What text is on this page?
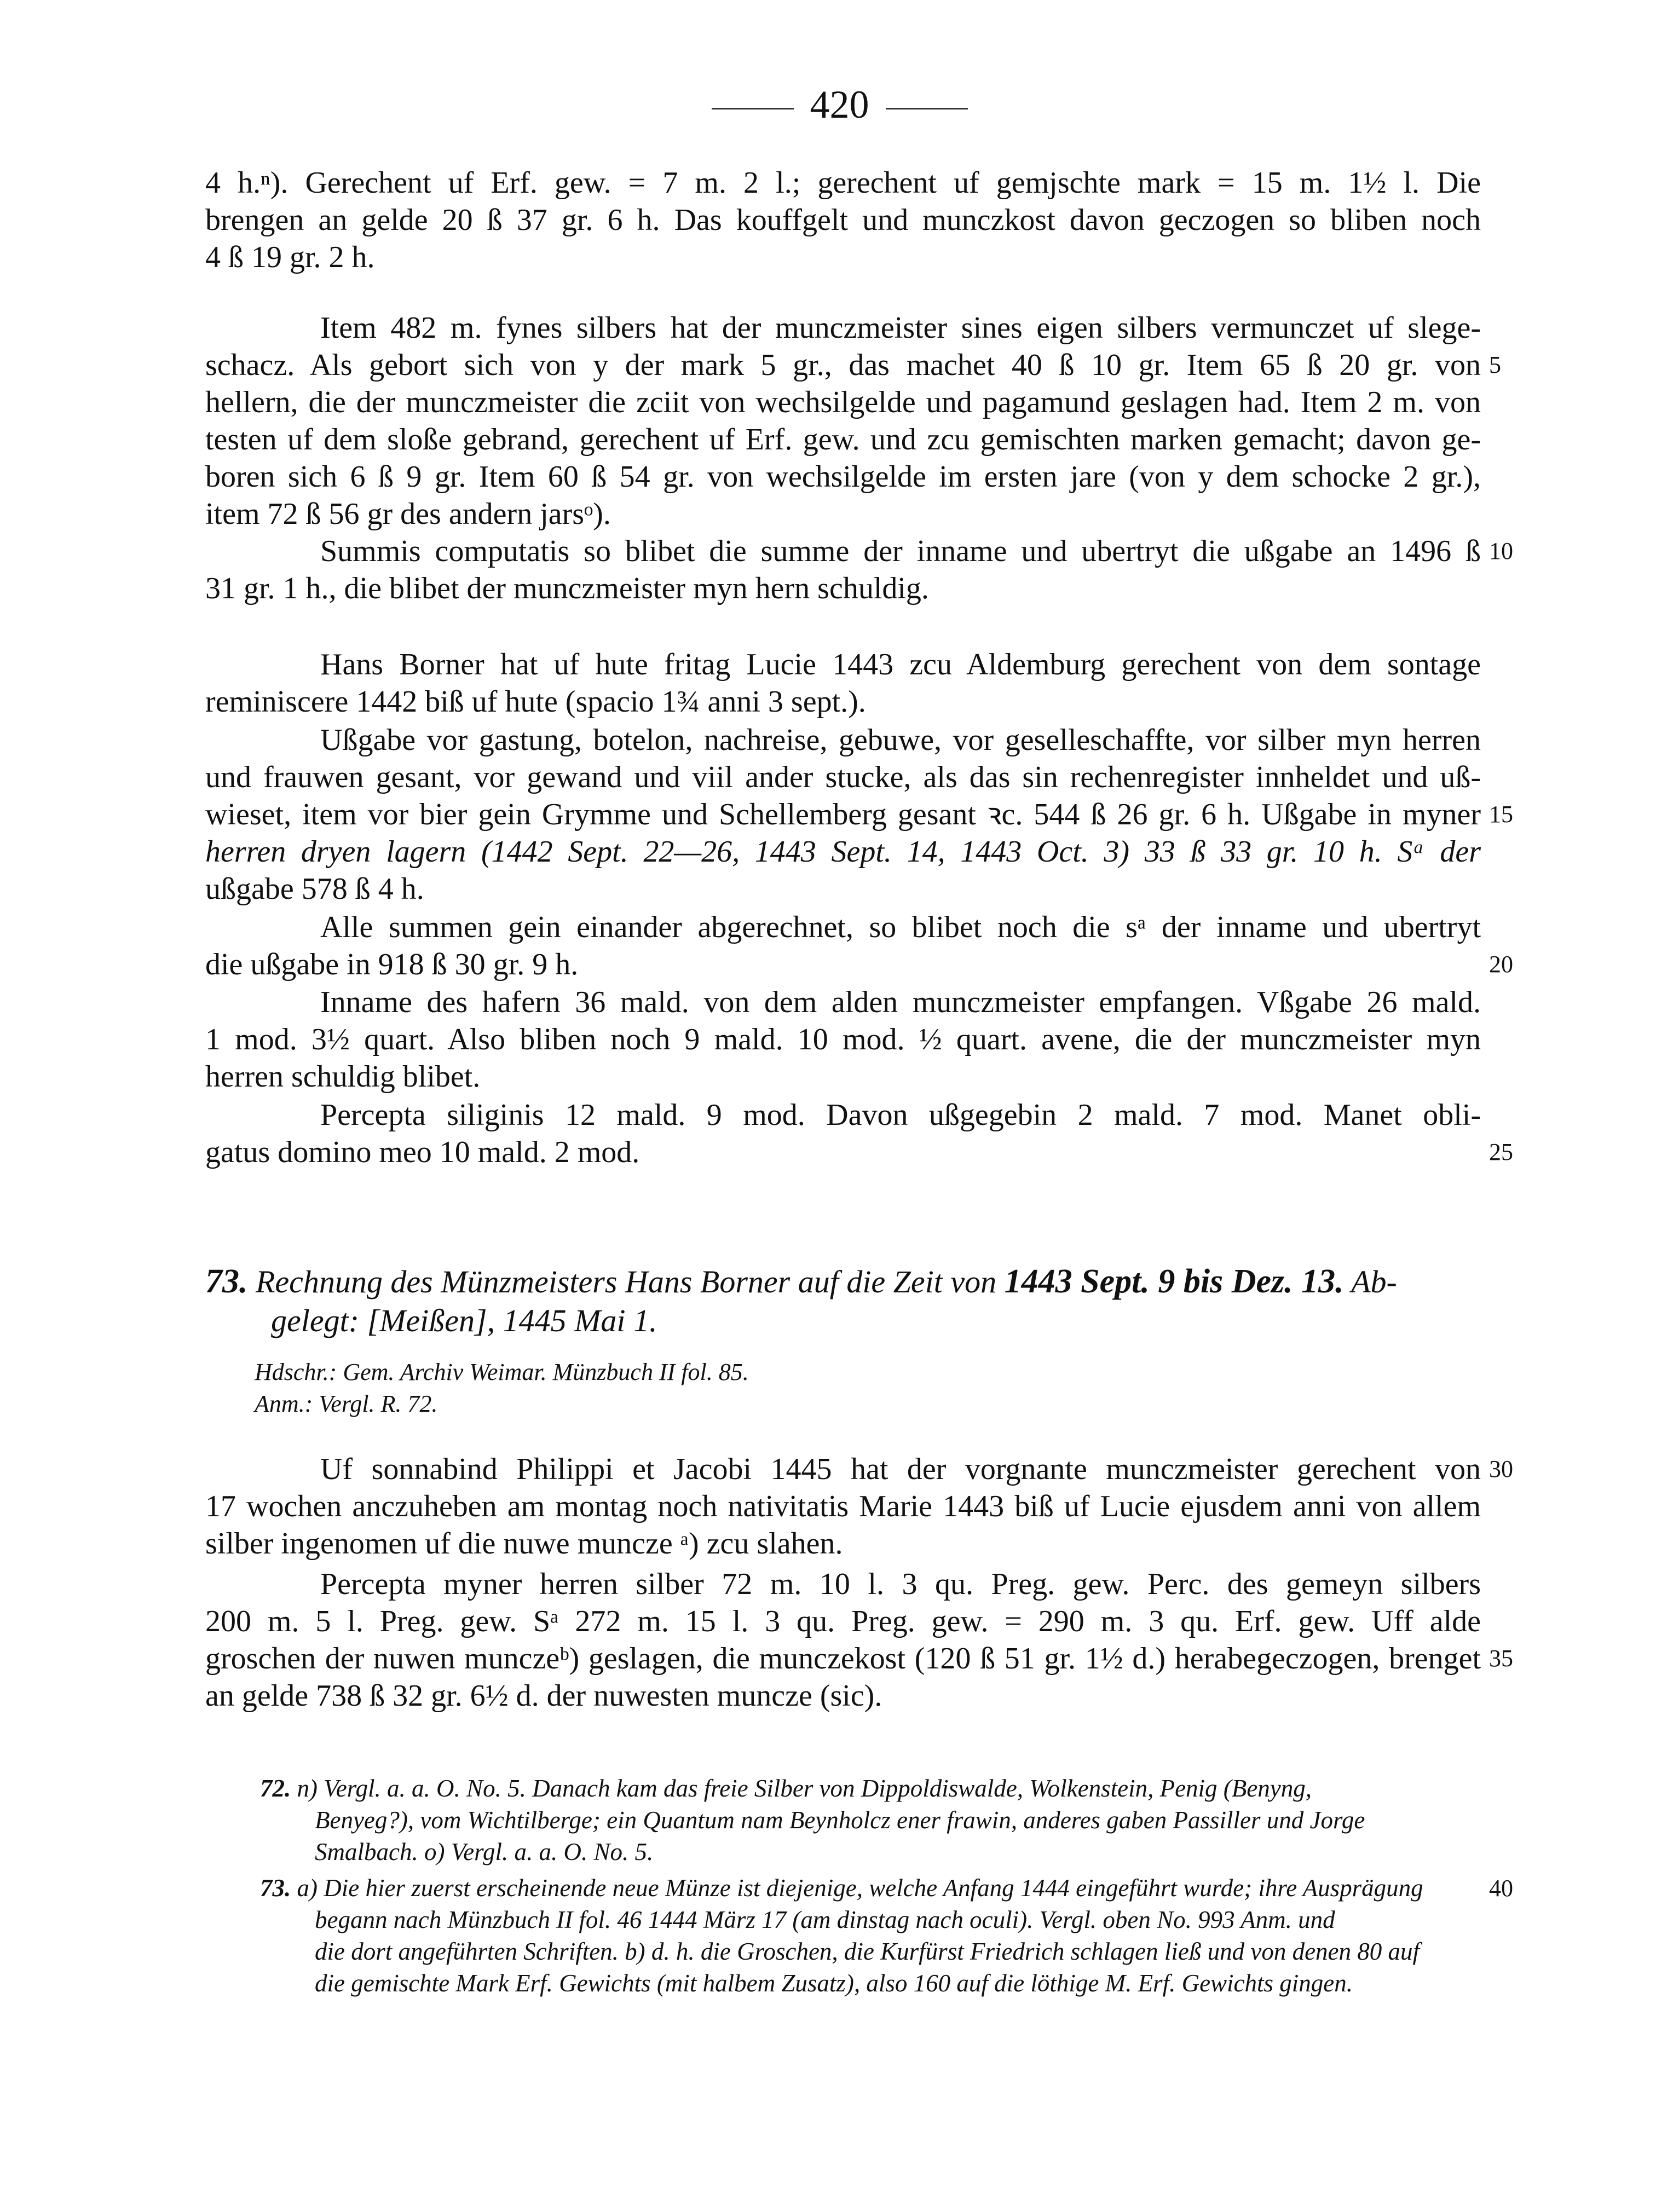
420
4 h.ⁿ). Gerechent uf Erf. gew. = 7 m. 2 l.; gerechent uf gemjschte mark = 15 m. 1½ l. Die
brengen an gelde 20 ß 37 gr. 6 h. Das kouffgelt und munczkost davon geczogen so bliben noch
4 ß 19 gr. 2 h.
Item 482 m. fynes silbers hat der munczmeister sines eigen silbers vermunczet uf slege-
schacz. Als gebort sich von y der mark 5 gr., das machet 40 ß 10 gr. Item 65 ß 20 gr. von
hellern, die der munczmeister die zciit von wechsilgelde und pagamund geslagen had. Item 2 m. von
testen uf dem sloße gebrand, gerechent uf Erf. gew. und zcu gemischten marken gemacht; davon ge-
boren sich 6 ß 9 gr. Item 60 ß 54 gr. von wechsilgelde im ersten jare (von y dem schocke 2 gr.),
item 72 ß 56 gr des andern jarsᵒ).
Summis computatis so blibet die summe der inname und ubertryt die ußgabe an 1496 ß
31 gr. 1 h., die blibet der munczmeister myn hern schuldig.
Hans Borner hat uf hute fritag Lucie 1443 zcu Aldemburg gerechent von dem sontage
reminiscere 1442 biß uf hute (spacio 1¾ anni 3 sept.).
Ußgabe vor gastung, botelon, nachreise, gebuwe, vor geselleschaffte, vor silber myn herren
und frauwen gesant, vor gewand und viil ander stucke, als das sin rechenregister innheldet und uß-
wieset, item vor bier gein Grymme und Schellemberg gesant ꝛc. 544 ß 26 gr. 6 h. Ußgabe in myner
herren dryen lagern (1442 Sept. 22—26, 1443 Sept. 14, 1443 Oct. 3) 33 ß 33 gr. 10 h. Sᵃ der
ußgabe 578 ß 4 h.
Alle summen gein einander abgerechnet, so blibet noch die sᵃ der inname und ubertryt
die ußgabe in 918 ß 30 gr. 9 h.
Inname des hafern 36 mald. von dem alden munczmeister empfangen. Vßgabe 26 mald.
1 mod. 3½ quart. Also bliben noch 9 mald. 10 mod. ½ quart. avene, die der munczmeister myn
herren schuldig blibet.
Percepta siliginis 12 mald. 9 mod. Davon ußgegebin 2 mald. 7 mod. Manet obli-
gatus domino meo 10 mald. 2 mod.
73. Rechnung des Münzmeisters Hans Borner auf die Zeit von 1443 Sept. 9 bis Dez. 13. Ab-
gelegt: [Meißen], 1445 Mai 1.
Hdschr.: Gem. Archiv Weimar. Münzbuch II fol. 85.
Anm.: Vergl. R. 72.
Uf sonnabind Philippi et Jacobi 1445 hat der vorgnante munczmeister gerechent von
17 wochen anczuheben am montag noch nativitatis Marie 1443 biß uf Lucie ejusdem anni von allem
silber ingenomen uf die nuwe muncze ᵃ) zcu slahen.
Percepta myner herren silber 72 m. 10 l. 3 qu. Preg. gew. Perc. des gemeyn silbers
200 m. 5 l. Preg. gew. Sᵃ 272 m. 15 l. 3 qu. Preg. gew. = 290 m. 3 qu. Erf. gew. Uff alde
groschen der nuwen munczeᵇ) geslagen, die munczekost (120 ß 51 gr. 1½ d.) herabegeczogen, brenget
an gelde 738 ß 32 gr. 6½ d. der nuwesten muncze (sic).
72. n) Vergl. a. a. O. No. 5. Danach kam das freie Silber von Dippoldiswalde, Wolkenstein, Penig (Benyng,
Benyeg?), vom Wichtilberge; ein Quantum nam Beynholcz ener frawin, anderes gaben Passiller und Jorge
Smalbach. o) Vergl. a. a. O. No. 5.
73. a) Die hier zuerst erscheinende neue Münze ist diejenige, welche Anfang 1444 eingeführt wurde; ihre Ausprägung
begann nach Münzbuch II fol. 46 1444 März 17 (am dinstag nach oculi). Vergl. oben No. 993 Anm. und
die dort angeführten Schriften. b) d. h. die Groschen, die Kurfürst Friedrich schlagen ließ und von denen 80 auf
die gemischte Mark Erf. Gewichts (mit halbem Zusatz), also 160 auf die löthige M. Erf. Gewichts gingen.
5
10
15
20
25
30
35
40
